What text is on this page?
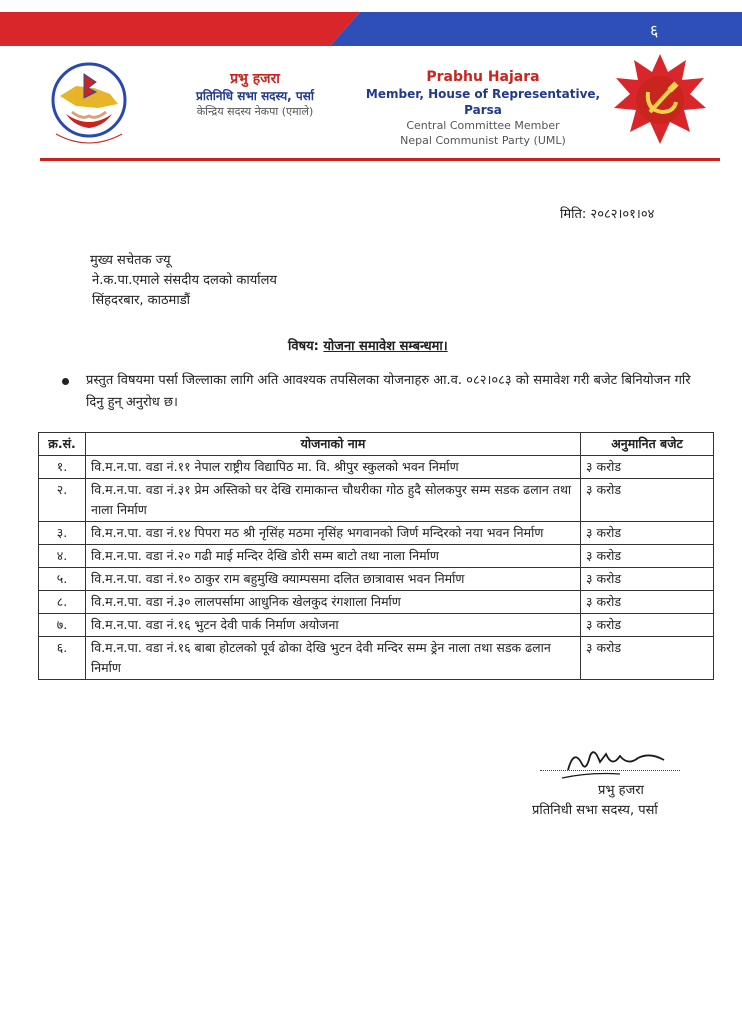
६
प्रभु हजरा
प्रतिनिधि सभा सदस्य, पर्सा
केन्द्रिय सदस्य नेकपा (एमाले)
Prabhu Hajara
Member, House of Representative, Parsa
Central Committee Member
Nepal Communist Party (UML)
मिति: २०८२।०१।०४
मुख्य सचेतक ज्यू
ने.क.पा.एमाले संसदीय दलको कार्यालय
सिंहदरबार, काठमाडौं
विषय: योजना समावेश सम्बन्धमा।
प्रस्तुत विषयमा पर्सा जिल्लाका लागि अति आवश्यक तपसिलका योजनाहरु आ.व. ०८२।०८३ को समावेश गरी बजेट बिनियोजन गरि दिनु हुन् अनुरोध छ।
क्र.सं.	योजनाको नाम	अनुमानित बजेट
१.	वि.म.न.पा. वडा नं.११ नेपाल राष्ट्रीय विद्यापिठ मा. वि. श्रीपुर स्कुलको भवन निर्माण	३ करोड
२.	वि.म.न.पा. वडा नं.३१ प्रेम अस्तिको घर देखि रामाकान्त चौधरीका गोठ हुदै सोलकपुर सम्म सडक ढलान तथा नाला निर्माण	३ करोड
३.	वि.म.न.पा. वडा नं.१४ पिपरा मठ श्री नृसिंह मठमा नृसिंह भगवानको जिर्ण मन्दिरको नया भवन निर्माण	३ करोड
४.	वि.म.न.पा. वडा नं.२० गढी माई मन्दिर देखि डोरी सम्म बाटो तथा नाला निर्माण	३ करोड
५.	वि.म.न.पा. वडा नं.१० ठाकुर राम बहुमुखि क्याम्पसमा दलित छात्रावास भवन निर्माण	३ करोड
८.	वि.म.न.पा. वडा नं.३० लालपर्सामा आधुनिक खेलकुद रंगशाला निर्माण	३ करोड
७.	वि.म.न.पा. वडा नं.१६ भुटन देवी पार्क निर्माण अयोजना	३ करोड
६.	वि.म.न.पा. वडा नं.१६ बाबा होटलको पूर्व ढोका देखि भुटन देवी मन्दिर सम्म ड्रेन नाला तथा सडक ढलान निर्माण	३ करोड
प्रभु हजरा
प्रतिनिधी सभा सदस्य, पर्सा
